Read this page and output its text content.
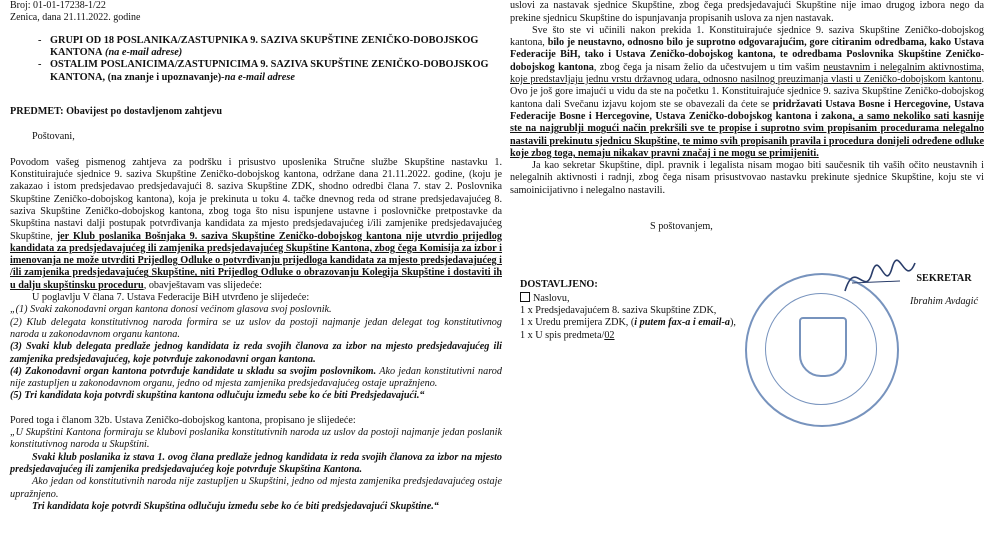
Broj: 01-01-17238-1/22
Zenica, dana 21.11.2022. godine
- GRUPI OD 18 POSLANIKA/ZASTUPNIKA 9. SAZIVA SKUPŠTINE ZENIČKO-DOBOJSKOG KANTONA (na e-mail adrese)
- OSTALIM POSLANICIMA/ZASTUPNICIMA 9. SAZIVA SKUPŠTINE ZENIČKO-DOBOJSKOG KANTONA, (na znanje i upoznavanje)-na e-mail adrese
PREDMET: Obavijest po dostavljenom zahtjevu
Poštovani,

Povodom vašeg pismenog zahtjeva za podršku i prisustvo uposlenika Stručne službe Skupštine nastavku 1. Konstituirajuće sjednice 9. saziva Skupštine Zeničko-dobojskog kantona, održane dana 21.11.2022. godine, (koju je zakazao i istom predsjedavao predsjedavajući 8. saziva Skupštine ZDK, shodno odredbi člana 7. stav 2. Poslovnika Skupštine Zeničko-dobojskog kantona), koja je prekinuta u toku 4. tačke dnevnog reda od strane predsjedavajućeg 8. saziva Skupštine Zeničko-dobojskog kantona, zbog toga što nisu ispunjene ustavne i poslovničke pretpostavke da Skupština nastavi dalji postupak potvrđivanja kandidata za mjesto predsjedavajućeg i/ili zamjenike predsjedavajućeg Skupštine, jer Klub poslanika Bošnjaka 9. saziva Skupštine Zeničko-dobojskog kantona nije utvrdio prijedlog kandidata za predsjedavajućeg ili zamjenika predsjedavajućeg Skupštine Kantona, zbog čega Komisija za izbor i imenovanja ne može utvrditi Prijedlog Odluke o potvrđivanju prijedloga kandidata za mjesto predsjedavajućeg i /ili zamjenika predsjedavajućeg Skupštine, niti Prijedlog Odluke o obrazovanju Kolegija Skupštine i dostaviti ih u dalju skupštinsku proceduru, obavještavam vas slijedeće:

U poglavlju V člana 7. Ustava Federacije BiH utvrđeno je slijedeće:

„(1) Svaki zakonodavni organ kantona donosi većinom glasova svoj poslovnik.

(2) Klub delegata konstitutivnog naroda formira se uz uslov da postoji najmanje jedan delegat tog konstitutivnog naroda u zakonodavnom organu kantona.

(3) Svaki klub delegata predlaže jednog kandidata iz reda svojih članova za izbor na mjesto predsjedavajućeg ili zamjenika predsjedavajućeg, koje potvrđuje zakonodavni organ kantona.

(4) Zakonodavni organ kantona potvrđuje kandidate u skladu sa svojim poslovnikom. Ako jedan konstitutivni narod nije zastupljen u zakonodavnom organu, jedno od mjesta zamjenika predsjedavajućeg ostaje upražnjeno.

(5) Tri kandidata koja potvrdi skupština kantona odlučuju između sebe ko će biti Predsjedavajući.“

Pored toga i članom 32b. Ustava Zeničko-dobojskog kantona, propisano je slijedeće:

„U Skupštini Kantona formiraju se klubovi poslanika konstitutivnih naroda uz uslov da postoji najmanje jedan poslanik konstitutivnog naroda u Skupštini.

Svaki klub poslanika iz stava 1. ovog člana predlaže jednog kandidata iz reda svojih članova za izbor na mjesto predsjedavajućeg ili zamjenika predsjedavajućeg koje potvrđuje Skupština Kantona.

Ako jedan od konstitutivnih naroda nije zastupljen u Skupštini, jedno od mjesta zamjenika predsjedavajućeg ostaje upražnjeno.

Tri kandidata koje potvrdi Skupština odlučuju između sebe ko će biti predsjedavajući Skupštine.“

uslovi za nastavak sjednice Skupštine, zbog čega predsjedavajući Skupštine nije imao drugog izbora nego da prekine sjednicu Skupštine do ispunjavanja propisanih uslova za njen nastavak.

Sve što ste vi učinili nakon prekida 1. Konstituirajuće sjednice 9. saziva Skupštine Zeničko-dobojskog kantona, bilo je neustavno, odnosno bilo je suprotno odgovarajućim, gore citiranim odredbama, kako Ustava Federacije BiH, tako i Ustava Zeničko-dobojskog kantona, te odredbama Poslovnika Skupštine Zeničko-dobojskog kantona, zbog čega ja nisam želio da učestvujem u tim vašim neustavnim i nelegalnim aktivnostima, koje predstavljaju jednu vrstu državnog udara, odnosno nasilnog preuzimanja vlasti u Zeničko-dobojskom kantonu. Ovo je još gore imajući u vidu da ste na početku 1. Konstituirajuće sjednice 9. saziva Skupštine Zeničko-dobojskog kantona dali Svečanu izjavu kojom ste se obavezali da ćete se pridržavati Ustava Bosne i Hercegovine, Ustava Federacije Bosne i Hercegovine, Ustava Zeničko-dobojskog kantona i zakona, a samo nekoliko sati kasnije ste na najgrublji mogući način prekršili sve te propise i suprotno svim propisanim procedurama nelegalno nastavili prekinutu sjednicu Skupštine, te mimo svih propisanih pravila i procedura donijeli određene odluke koje zbog toga, nemaju nikakav pravni značaj i ne mogu se primijeniti.

Ja kao sekretar Skupštine, dipl. pravnik i legalista nisam mogao biti saučesnik tih vaših očito neustavnih i nelegalnih aktivnosti i radnji, zbog čega nisam prisustvovao nastavku prekinute sjednice Skupštine, koju ste vi samoinicijativno i nelegalno nastavili.

S poštovanjem,
DOSTAVLJENO:
Naslovu,
1 x Predsjedavajućem 8. saziva Skupštine ZDK,
1 x Uredu premijera ZDK, (i putem fax-a i email-a),
1 x U spis predmeta/02
SEKRETAR
Ibrahim Avdagić
